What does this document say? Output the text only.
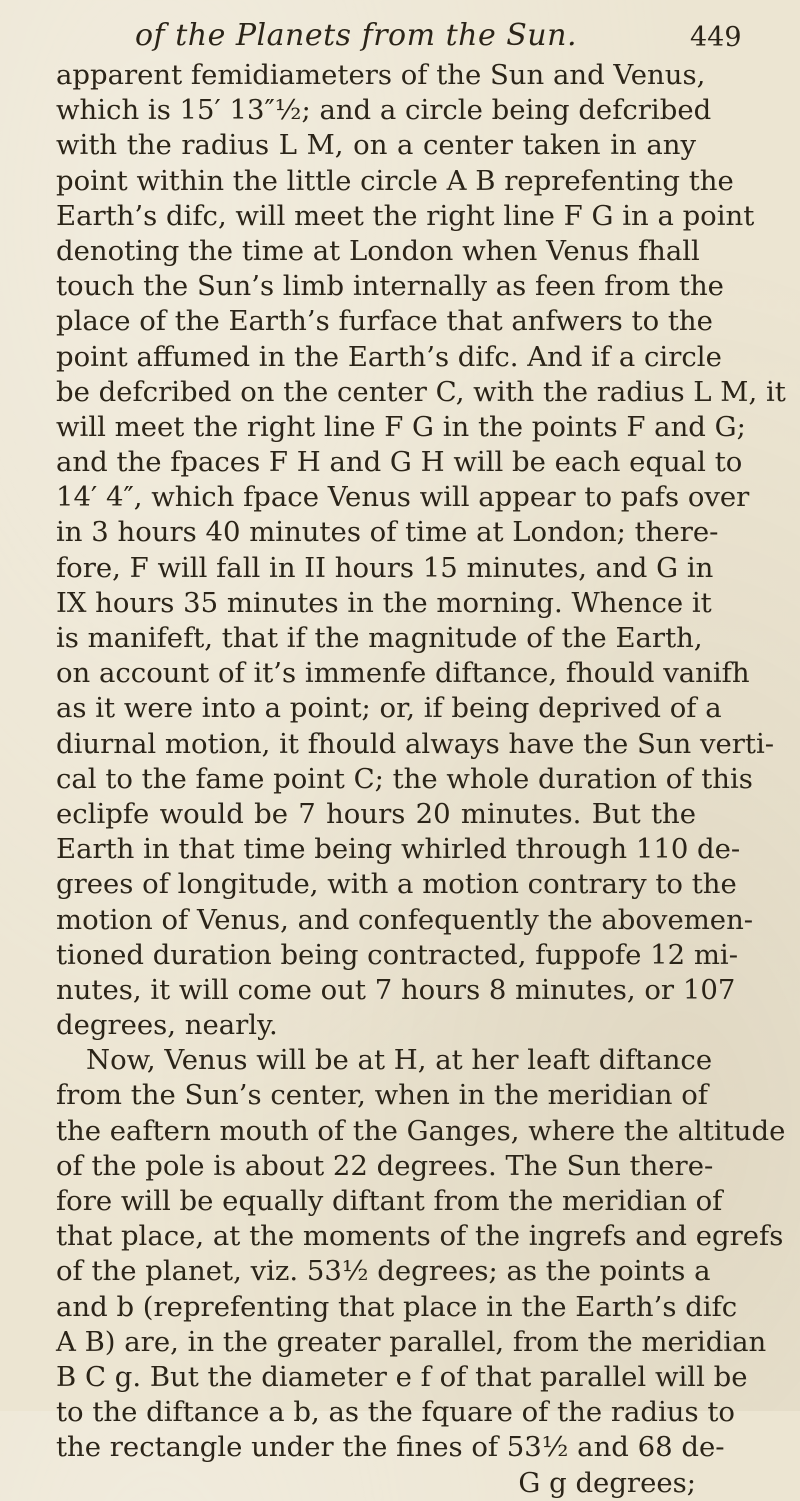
of the Planets from the Sun.	449
apparent femidiameters of the Sun and Venus,
which is 15′ 13″½; and a circle being defcribed
with the radius L M, on a center taken in any
point within the little circle A B reprefenting the
Earth’s difc, will meet the right line F G in a point
denoting the time at London when Venus fhall
touch the Sun’s limb internally as feen from the
place of the Earth’s furface that anfwers to the
point affumed in the Earth’s difc. And if a circle
be defcribed on the center C, with the radius L M, it
will meet the right line F G in the points F and G;
and the fpaces F H and G H will be each equal to
14′ 4″, which fpace Venus will appear to pafs over
in 3 hours 40 minutes of time at London; there-
fore, F will fall in II hours 15 minutes, and G in
IX hours 35 minutes in the morning. Whence it
is manifeft, that if the magnitude of the Earth,
on account of it’s immenfe diftance, fhould vanifh
as it were into a point; or, if being deprived of a
diurnal motion, it fhould always have the Sun verti-
cal to the fame point C; the whole duration of this
eclipfe would be 7 hours 20 minutes. But the
Earth in that time being whirled through 110 de-
grees of longitude, with a motion contrary to the
motion of Venus, and confequently the abovemen-
tioned duration being contracted, fuppofe 12 mi-
nutes, it will come out 7 hours 8 minutes, or 107
degrees, nearly.
Now, Venus will be at H, at her leaft diftance
from the Sun’s center, when in the meridian of
the eaftern mouth of the Ganges, where the altitude
of the pole is about 22 degrees. The Sun there-
fore will be equally diftant from the meridian of
that place, at the moments of the ingrefs and egrefs
of the planet, viz. 53½ degrees; as the points a
and b (reprefenting that place in the Earth’s difc
A B) are, in the greater parallel, from the meridian
B C g. But the diameter e f of that parallel will be
to the diftance a b, as the fquare of the radius to
the rectangle under the fines of 53½ and 68 de-
G g degrees;
